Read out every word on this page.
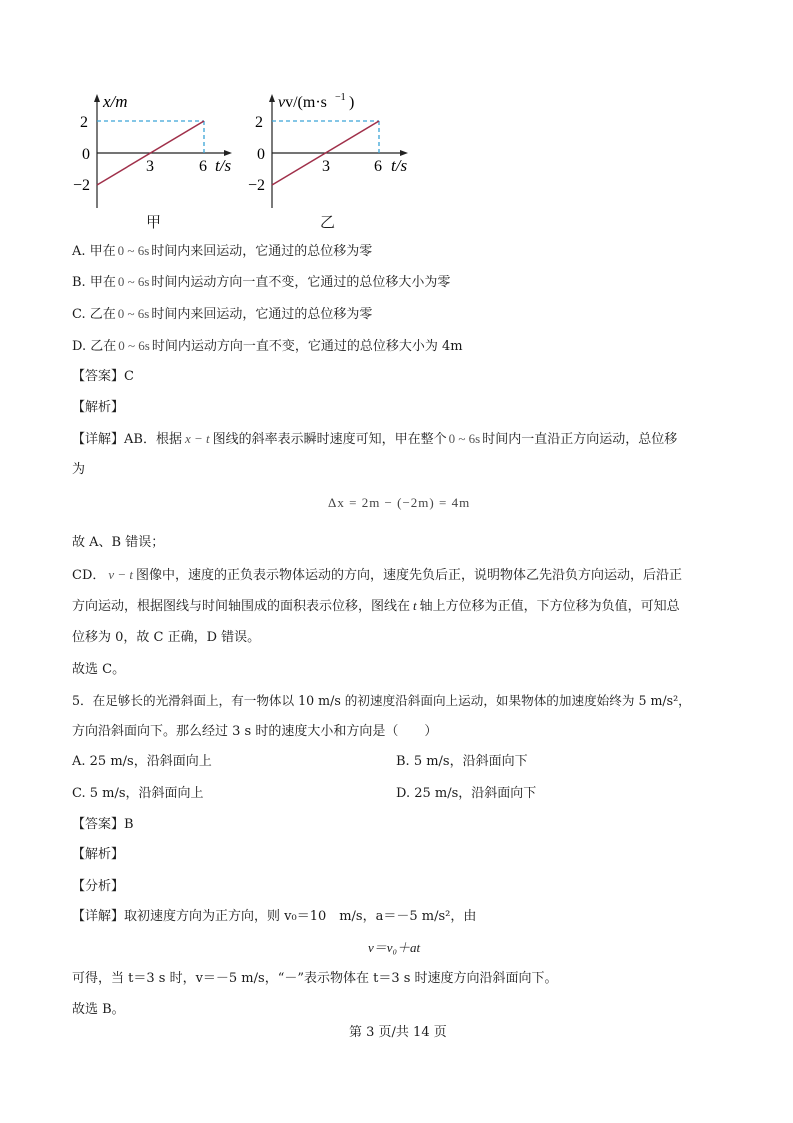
x/m
2
0
−2
3	6 t/s
甲
vv/(m·s −1 )
2
0
−2
3	6 t/s
乙
A. 甲在 0 ~ 6s 时间内来回运动，它通过的总位移为零
B. 甲在 0 ~ 6s 时间内运动方向一直不变，它通过的总位移大小为零
C. 乙在 0 ~ 6s 时间内来回运动，它通过的总位移为零
D. 乙在 0 ~ 6s 时间内运动方向一直不变，它通过的总位移大小为 4m
【答案】C
【解析】
【详解】AB．根据 x − t 图线的斜率表示瞬时速度可知，甲在整个 0 ~ 6s 时间内一直沿正方向运动，总位移
为
Δx = 2m − (−2m) = 4m
故 A、B 错误；
CD． v − t 图像中，速度的正负表示物体运动的方向，速度先负后正，说明物体乙先沿负方向运动，后沿正
方向运动，根据图线与时间轴围成的面积表示位移，图线在 t 轴上方位移为正值，下方位移为负值，可知总
位移为 0，故 C 正确，D 错误。
故选 C。
5．在足够长的光滑斜面上，有一物体以 10 m/s 的初速度沿斜面向上运动，如果物体的加速度始终为 5 m/s²，
方向沿斜面向下。那么经过 3 s 时的速度大小和方向是（　　）
A. 25 m/s，沿斜面向上	B. 5 m/s，沿斜面向下
C. 5 m/s，沿斜面向上	D. 25 m/s，沿斜面向下
【答案】B
【解析】
【分析】
【详解】取初速度方向为正方向，则 v₀＝10　m/s，a＝－5 m/s²，由
v＝v₀＋at
可得，当 t＝3 s 时，v＝－5 m/s，“－”表示物体在 t＝3 s 时速度方向沿斜面向下。
故选 B。
第 3 页/共 14 页
